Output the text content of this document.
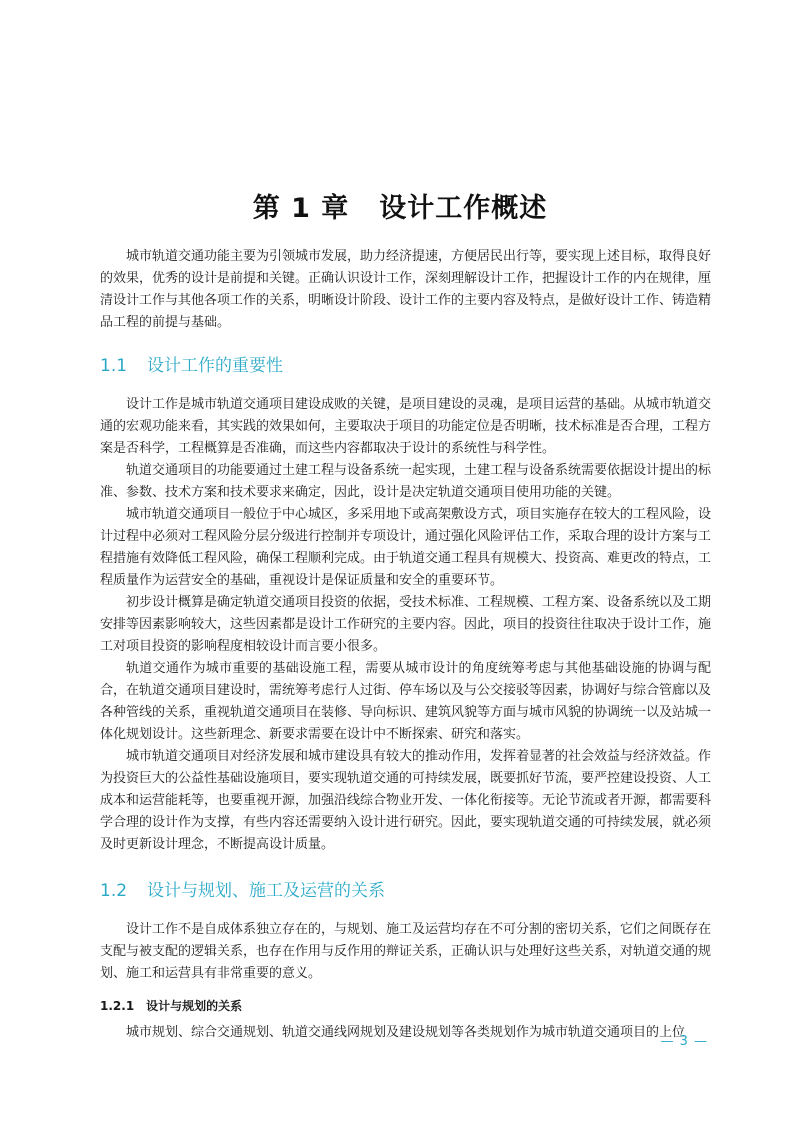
第 1 章 设计工作概述

城市轨道交通功能主要为引领城市发展，助力经济提速，方便居民出行等，要实现上述目标，取得良好的效果，优秀的设计是前提和关键。正确认识设计工作，深刻理解设计工作，把握设计工作的内在规律，厘清设计工作与其他各项工作的关系，明晰设计阶段、设计工作的主要内容及特点，是做好设计工作、铸造精品工程的前提与基础。

1.1	设计工作的重要性

设计工作是城市轨道交通项目建设成败的关键，是项目建设的灵魂，是项目运营的基础。从城市轨道交通的宏观功能来看，其实践的效果如何，主要取决于项目的功能定位是否明晰，技术标准是否合理，工程方案是否科学，工程概算是否准确，而这些内容都取决于设计的系统性与科学性。

轨道交通项目的功能要通过土建工程与设备系统一起实现，土建工程与设备系统需要依据设计提出的标准、参数、技术方案和技术要求来确定，因此，设计是决定轨道交通项目使用功能的关键。

城市轨道交通项目一般位于中心城区，多采用地下或高架敷设方式，项目实施存在较大的工程风险，设计过程中必须对工程风险分层分级进行控制并专项设计，通过强化风险评估工作，采取合理的设计方案与工程措施有效降低工程风险，确保工程顺利完成。由于轨道交通工程具有规模大、投资高、难更改的特点，工程质量作为运营安全的基础，重视设计是保证质量和安全的重要环节。

初步设计概算是确定轨道交通项目投资的依据，受技术标准、工程规模、工程方案、设备系统以及工期安排等因素影响较大，这些因素都是设计工作研究的主要内容。因此，项目的投资往往取决于设计工作，施工对项目投资的影响程度相较设计而言要小很多。

轨道交通作为城市重要的基础设施工程，需要从城市设计的角度统筹考虑与其他基础设施的协调与配合，在轨道交通项目建设时，需统筹考虑行人过街、停车场以及与公交接驳等因素，协调好与综合管廊以及各种管线的关系，重视轨道交通项目在装修、导向标识、建筑风貌等方面与城市风貌的协调统一以及站城一体化规划设计。这些新理念、新要求需要在设计中不断探索、研究和落实。

城市轨道交通项目对经济发展和城市建设具有较大的推动作用，发挥着显著的社会效益与经济效益。作为投资巨大的公益性基础设施项目，要实现轨道交通的可持续发展，既要抓好节流，要严控建设投资、人工成本和运营能耗等，也要重视开源，加强沿线综合物业开发、一体化衔接等。无论节流或者开源，都需要科学合理的设计作为支撑，有些内容还需要纳入设计进行研究。因此，要实现轨道交通的可持续发展，就必须及时更新设计理念，不断提高设计质量。

1.2	设计与规划、施工及运营的关系

设计工作不是自成体系独立存在的，与规划、施工及运营均存在不可分割的密切关系，它们之间既存在支配与被支配的逻辑关系，也存在作用与反作用的辩证关系，正确认识与处理好这些关系，对轨道交通的规划、施工和运营具有非常重要的意义。

1.2.1 设计与规划的关系

城市规划、综合交通规划、轨道交通线网规划及建设规划等各类规划作为城市轨道交通项目的上位

— 3 —
